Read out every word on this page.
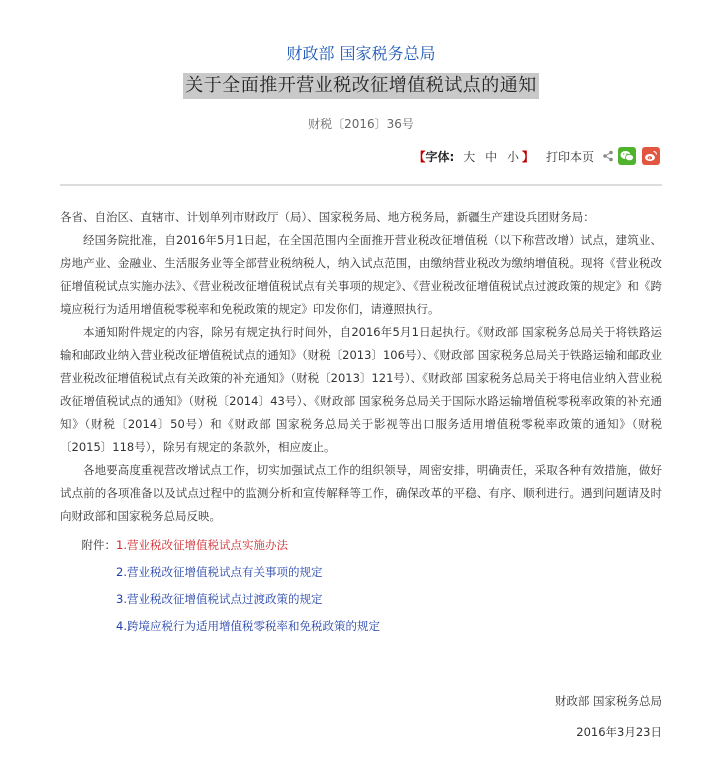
财政部 国家税务总局
关于全面推开营业税改征增值税试点的通知
财税〔2016〕36号
【 字体: 大 中 小 】 打印本页

各省、自治区、直辖市、计划单列市财政厅（局）、国家税务局、地方税务局，新疆生产建设兵团财务局：

经国务院批准，自2016年5月1日起，在全国范围内全面推开营业税改征增值税（以下称营改增）试点，建筑业、房地产业、金融业、生活服务业等全部营业税纳税人，纳入试点范围，由缴纳营业税改为缴纳增值税。现将《营业税改征增值税试点实施办法》、《营业税改征增值税试点有关事项的规定》、《营业税改征增值税试点过渡政策的规定》和《跨境应税行为适用增值税零税率和免税政策的规定》印发你们，请遵照执行。

本通知附件规定的内容，除另有规定执行时间外，自2016年5月1日起执行。《财政部 国家税务总局关于将铁路运输和邮政业纳入营业税改征增值税试点的通知》（财税〔2013〕106号）、《财政部 国家税务总局关于铁路运输和邮政业营业税改征增值税试点有关政策的补充通知》（财税〔2013〕121号）、《财政部 国家税务总局关于将电信业纳入营业税改征增值税试点的通知》（财税〔2014〕43号）、《财政部 国家税务总局关于国际水路运输增值税零税率政策的补充通知》（财税〔2014〕50号）和《财政部 国家税务总局关于影视等出口服务适用增值税零税率政策的通知》（财税〔2015〕118号），除另有规定的条款外，相应废止。

各地要高度重视营改增试点工作，切实加强试点工作的组织领导，周密安排，明确责任，采取各种有效措施，做好试点前的各项准备以及试点过程中的监测分析和宣传解释等工作，确保改革的平稳、有序、顺利进行。遇到问题请及时向财政部和国家税务总局反映。

附件：1.营业税改征增值税试点实施办法
2.营业税改征增值税试点有关事项的规定
3.营业税改征增值税试点过渡政策的规定
4.跨境应税行为适用增值税零税率和免税政策的规定

财政部 国家税务总局

2016年3月23日
